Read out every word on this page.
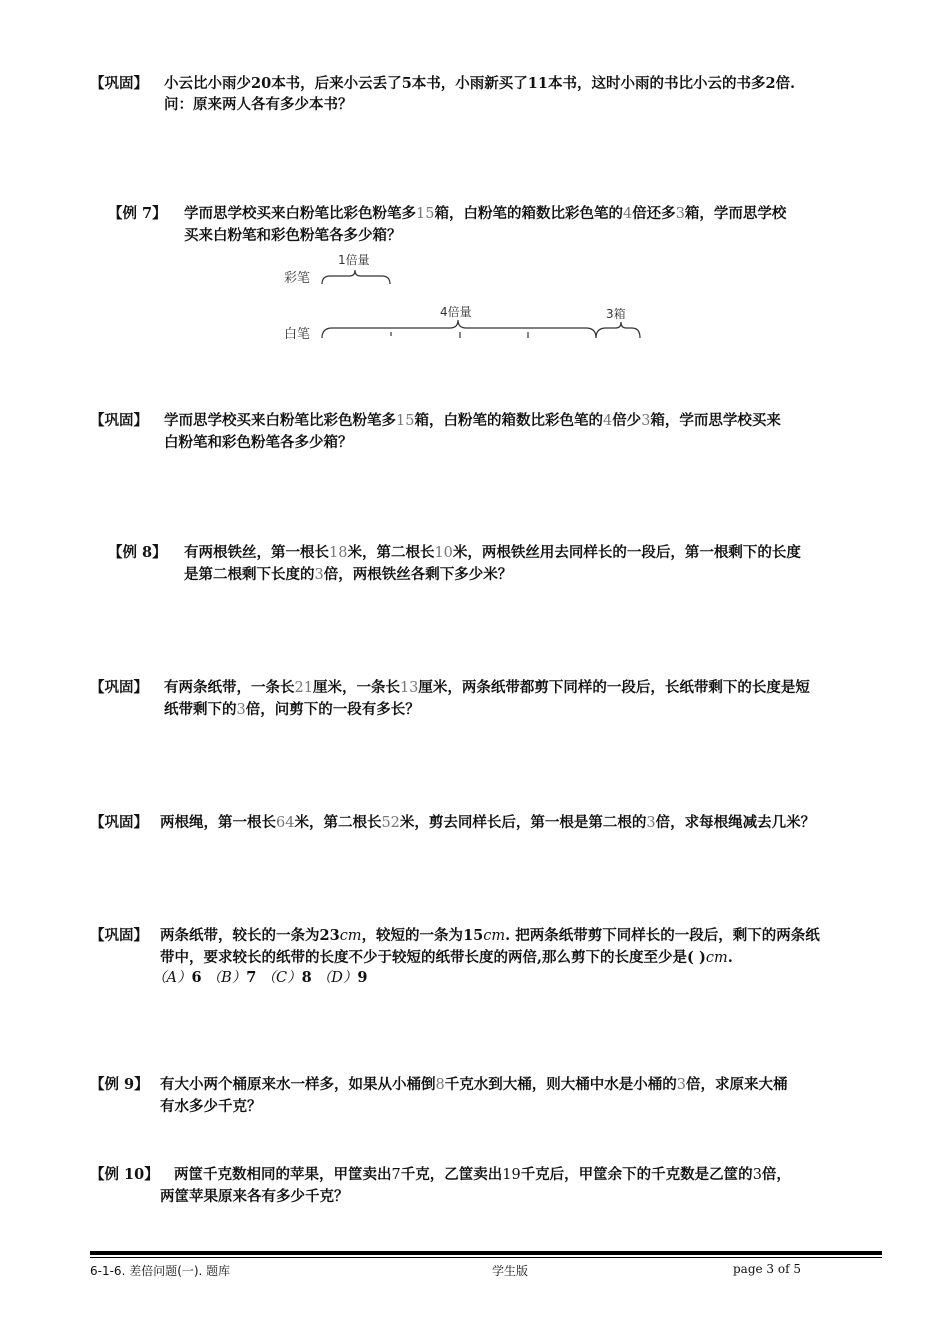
【巩固】 小云比小雨少20本书，后来小云丢了5本书，小雨新买了11本书，这时小雨的书比小云的书多2倍.
问：原来两人各有多少本书？
【例 7】 学而思学校买来白粉笔比彩色粉笔多15箱，白粉笔的箱数比彩色笔的4倍还多3箱，学而思学校
买来白粉笔和彩色粉笔各多少箱？
彩笔
白笔
1倍量
4倍量	3箱
【巩固】 学而思学校买来白粉笔比彩色粉笔多15箱，白粉笔的箱数比彩色笔的4倍少3箱，学而思学校买来
白粉笔和彩色粉笔各多少箱？
【例 8】 有两根铁丝，第一根长18米，第二根长10米，两根铁丝用去同样长的一段后，第一根剩下的长度
是第二根剩下长度的3倍，两根铁丝各剩下多少米？
【巩固】 有两条纸带，一条长21厘米，一条长13厘米，两条纸带都剪下同样的一段后，长纸带剩下的长度是短
纸带剩下的3倍，问剪下的一段有多长？
【巩固】 两根绳，第一根长64米，第二根长52米，剪去同样长后，第一根是第二根的3倍，求每根绳减去几米？
【巩固】 两条纸带，较长的一条为23cm，较短的一条为15cm. 把两条纸带剪下同样长的一段后，剩下的两条纸
带中，要求较长的纸带的长度不少于较短的纸带长度的两倍,那么剪下的长度至少是( )cm.
（A）6 （B）7 （C）8 （D）9
【例 9】 有大小两个桶原来水一样多，如果从小桶倒8千克水到大桶，则大桶中水是小桶的3倍，求原来大桶
有水多少千克？
【例 10】	两筐千克数相同的苹果，甲筐卖出7千克，乙筐卖出19千克后，甲筐余下的千克数是乙筐的3倍，
两筐苹果原来各有多少千克？
6-1-6. 差倍问题(一). 题库	学生版	page 3 of 5
